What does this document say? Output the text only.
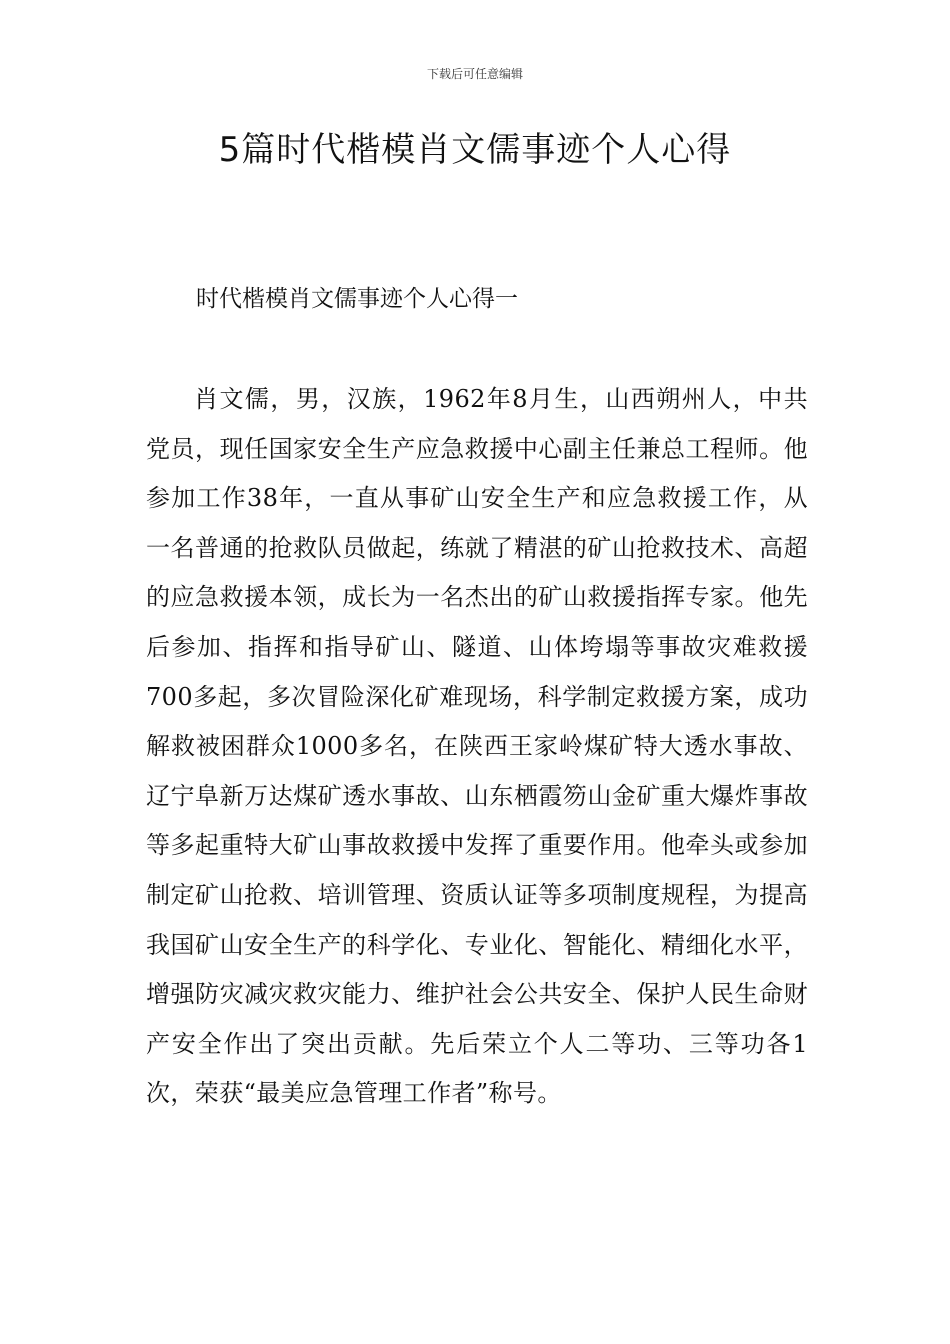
下载后可任意编辑
5篇时代楷模肖文儒事迹个人心得
时代楷模肖文儒事迹个人心得一

肖文儒，男，汉族，1962年8月生，山西朔州人，中共党员，现任国家安全生产应急救援中心副主任兼总工程师。他参加工作38年，一直从事矿山安全生产和应急救援工作，从一名普通的抢救队员做起，练就了精湛的矿山抢救技术、高超的应急救援本领，成长为一名杰出的矿山救援指挥专家。他先后参加、指挥和指导矿山、隧道、山体垮塌等事故灾难救援700多起，多次冒险深化矿难现场，科学制定救援方案，成功解救被困群众1000多名，在陕西王家岭煤矿特大透水事故、辽宁阜新万达煤矿透水事故、山东栖霞笏山金矿重大爆炸事故等多起重特大矿山事故救援中发挥了重要作用。他牵头或参加制定矿山抢救、培训管理、资质认证等多项制度规程，为提高我国矿山安全生产的科学化、专业化、智能化、精细化水平，增强防灾减灾救灾能力、维护社会公共安全、保护人民生命财产安全作出了突出贡献。先后荣立个人二等功、三等功各1次，荣获“最美应急管理工作者”称号。
